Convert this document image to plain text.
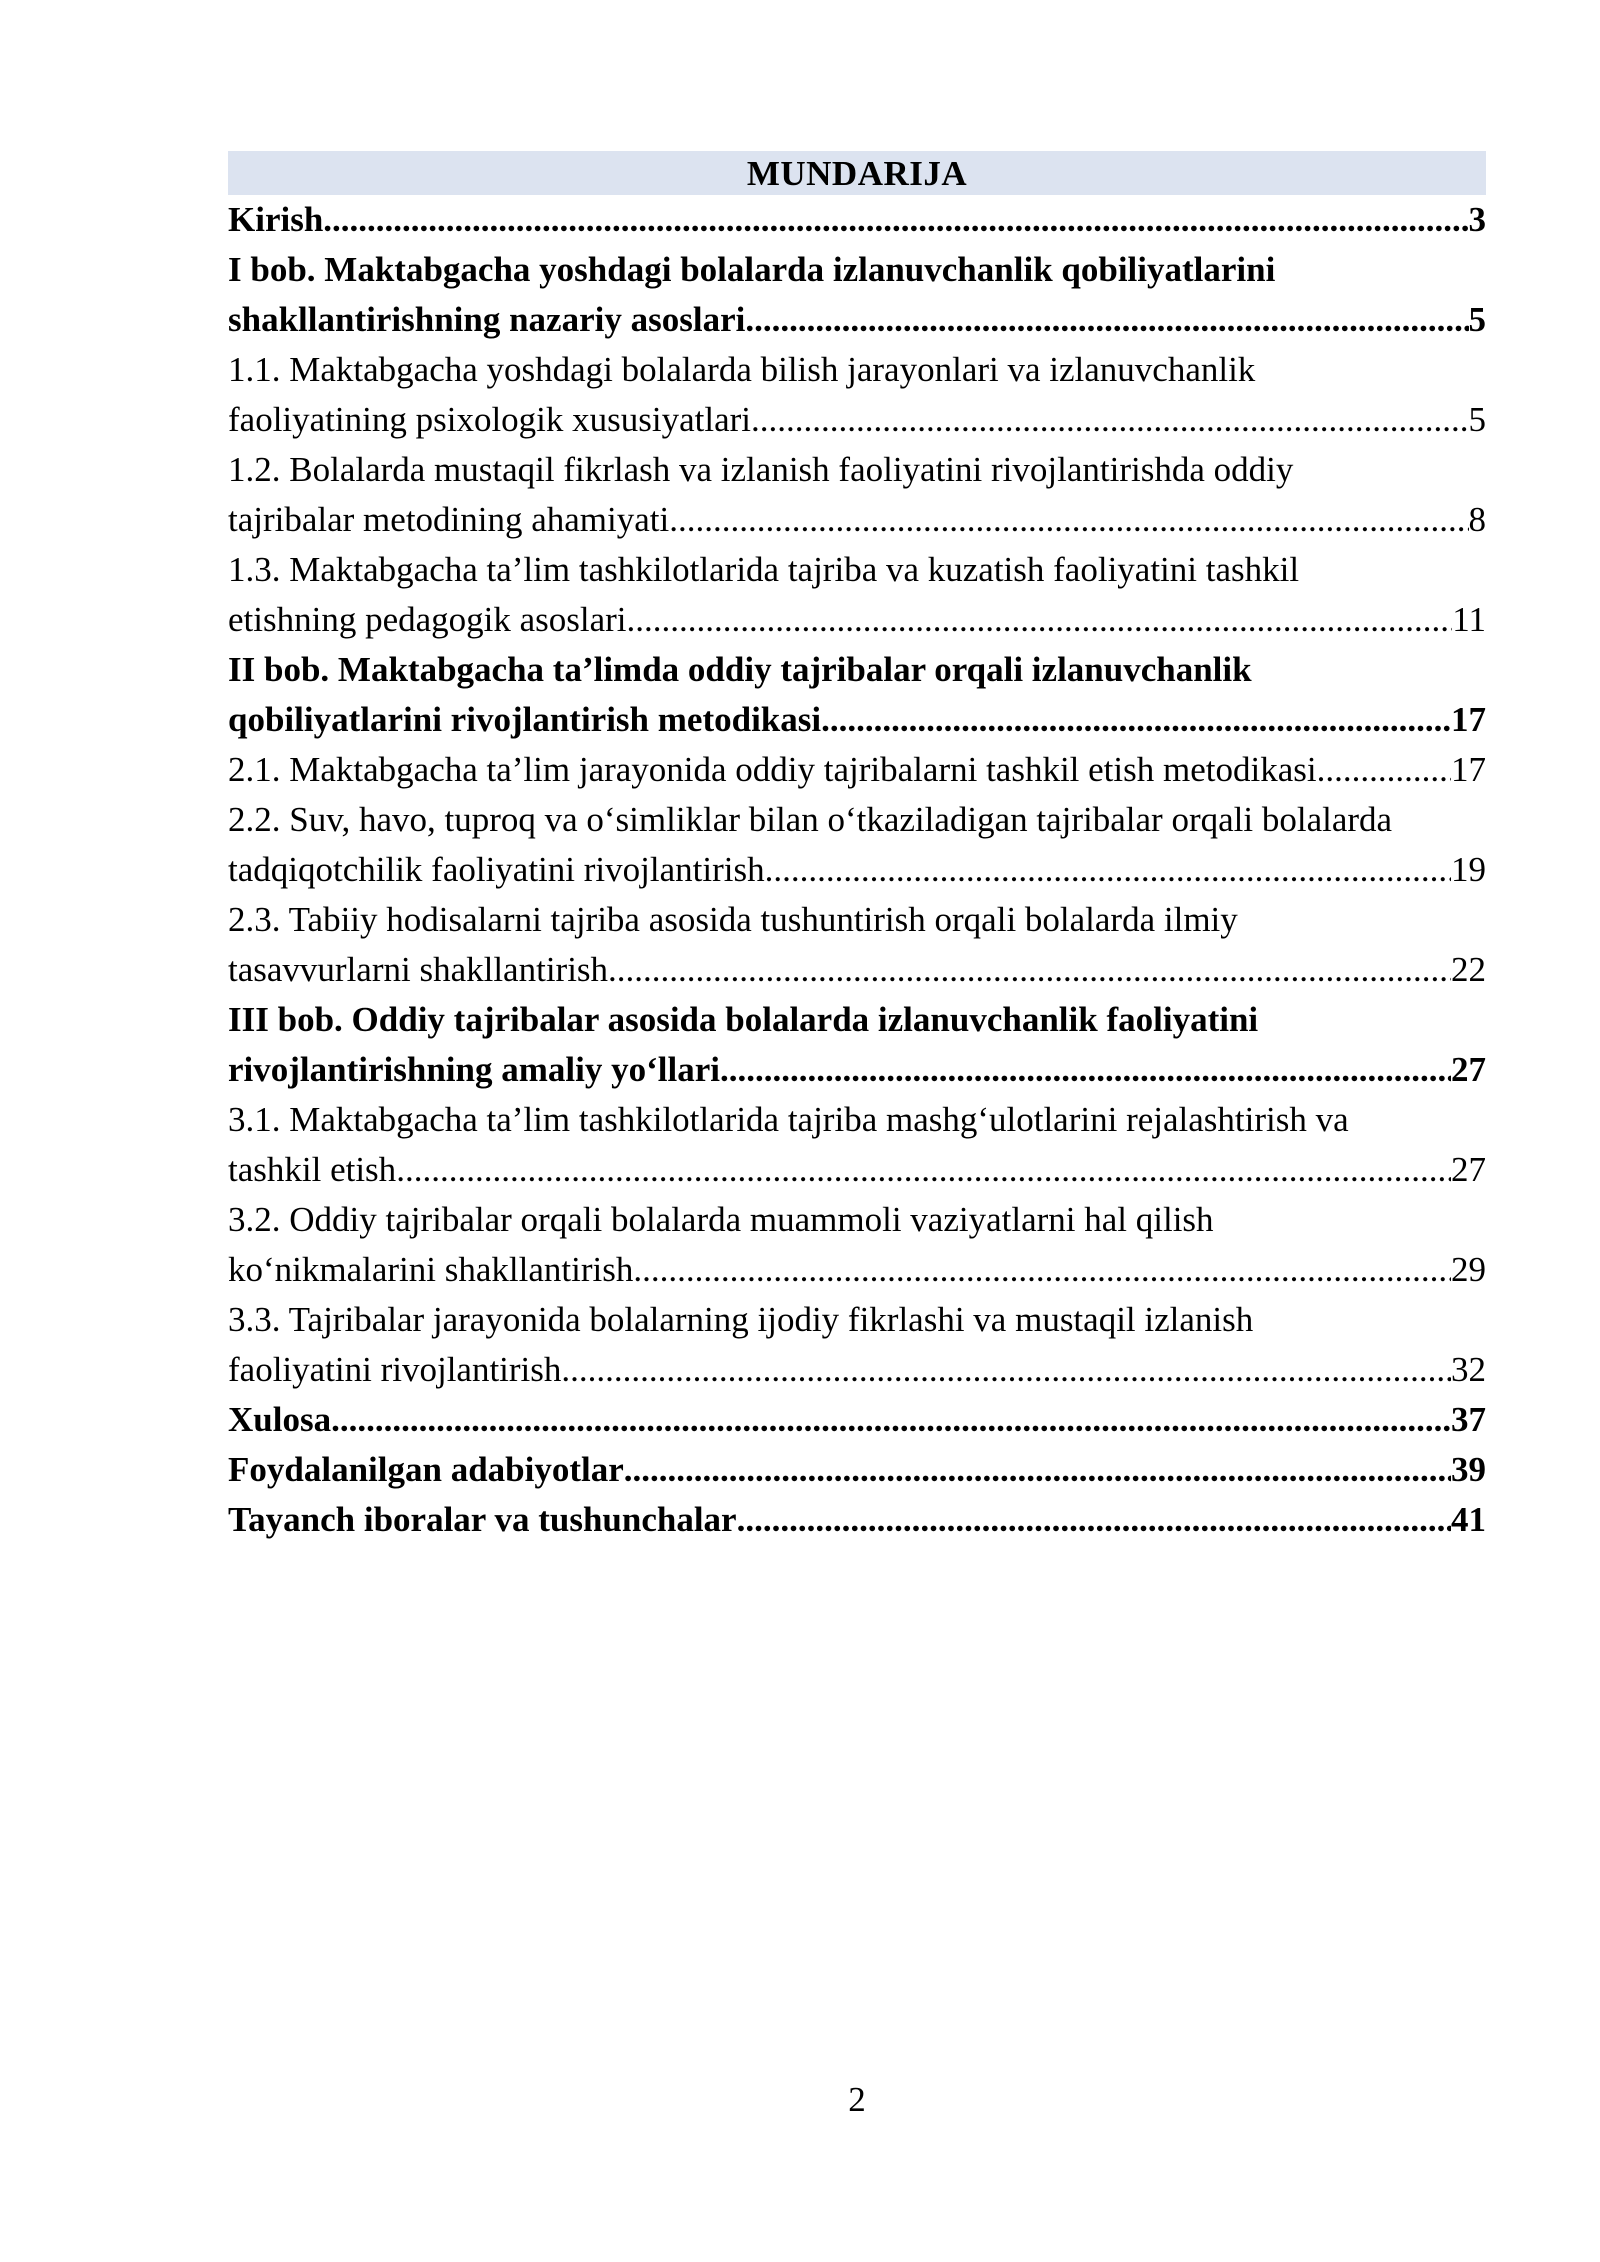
MUNDARIJA
Kirish .....	3
I bob. Maktabgacha yoshdagi bolalarda izlanuvchanlik qobiliyatlarini
shakllantirishning nazariy asoslari .....	5
1.1. Maktabgacha yoshdagi bolalarda bilish jarayonlari va izlanuvchanlik
faoliyatining psixologik xususiyatlari .....	5
1.2. Bolalarda mustaqil fikrlash va izlanish faoliyatini rivojlantirishda oddiy
tajribalar metodining ahamiyati .....	8
1.3. Maktabgacha ta’lim tashkilotlarida tajriba va kuzatish faoliyatini tashkil
etishning pedagogik asoslari .....	11
II bob. Maktabgacha ta’limda oddiy tajribalar orqali izlanuvchanlik
qobiliyatlarini rivojlantirish metodikasi .....	17
2.1. Maktabgacha ta’lim jarayonida oddiy tajribalarni tashkil etish metodikasi .....	17
2.2. Suv, havo, tuproq va o‘simliklar bilan o‘tkaziladigan tajribalar orqali bolalarda
tadqiqotchilik faoliyatini rivojlantirish .....	19
2.3. Tabiiy hodisalarni tajriba asosida tushuntirish orqali bolalarda ilmiy
tasavvurlarni shakllantirish .....	22
III bob. Oddiy tajribalar asosida bolalarda izlanuvchanlik faoliyatini
rivojlantirishning amaliy yo‘llari .....	27
3.1. Maktabgacha ta’lim tashkilotlarida tajriba mashg‘ulotlarini rejalashtirish va
tashkil etish .....	27
3.2. Oddiy tajribalar orqali bolalarda muammoli vaziyatlarni hal qilish
ko‘nikmalarini shakllantirish .....	29
3.3. Tajribalar jarayonida bolalarning ijodiy fikrlashi va mustaqil izlanish
faoliyatini rivojlantirish .....	32
Xulosa .....	37
Foydalanilgan adabiyotlar .....	39
Tayanch iboralar va tushunchalar .....	41
2
